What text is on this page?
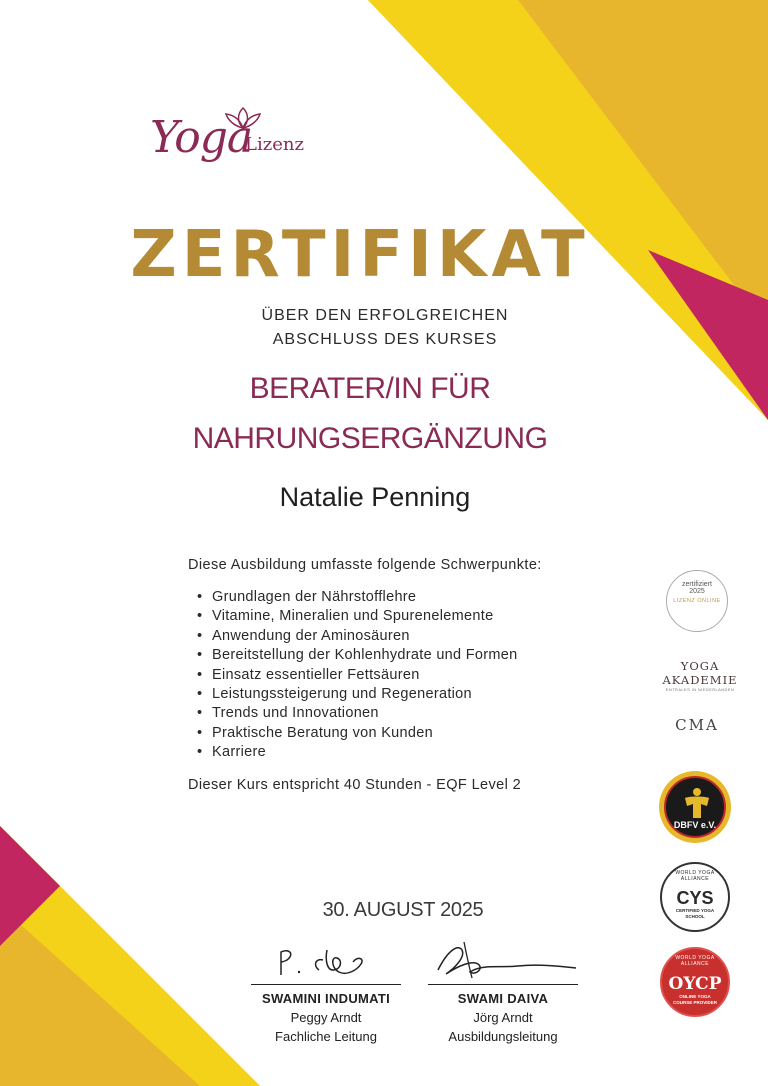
Yoga
Lizenz
ZERTIFIKAT
ÜBER DEN ERFOLGREICHEN
ABSCHLUSS DES KURSES
BERATER/IN FÜR
NAHRUNGSERGÄNZUNG
Natalie Penning
Diese Ausbildung umfasste folgende Schwerpunkte:
• Grundlagen der Nährstofflehre
• Vitamine, Mineralien und Spurenelemente
• Anwendung der Aminosäuren
• Bereitstellung der Kohlenhydrate und Formen
• Einsatz essentieller Fettsäuren
• Leistungssteigerung und Regeneration
• Trends und Innovationen
• Praktische Beratung von Kunden
• Karriere
Dieser Kurs entspricht 40 Stunden - EQF Level 2
30. AUGUST 2025
SWAMINI INDUMATI
Peggy Arndt
Fachliche Leitung
SWAMI DAIVA
Jörg Arndt
Ausbildungsleitung
zertifiziert
2025
LIZENZ ONLINE
YOGA
AKADEMIE
ENTRALES IN NIEDERLANDEN
CMA
DBFV e.V.
WORLD YOGA ALLIANCE
CYS
CERTIFIED YOGA
SCHOOL
WORLD YOGA ALLIANCE
OYCP
ONLINE YOGA
COURSE PROVIDER
